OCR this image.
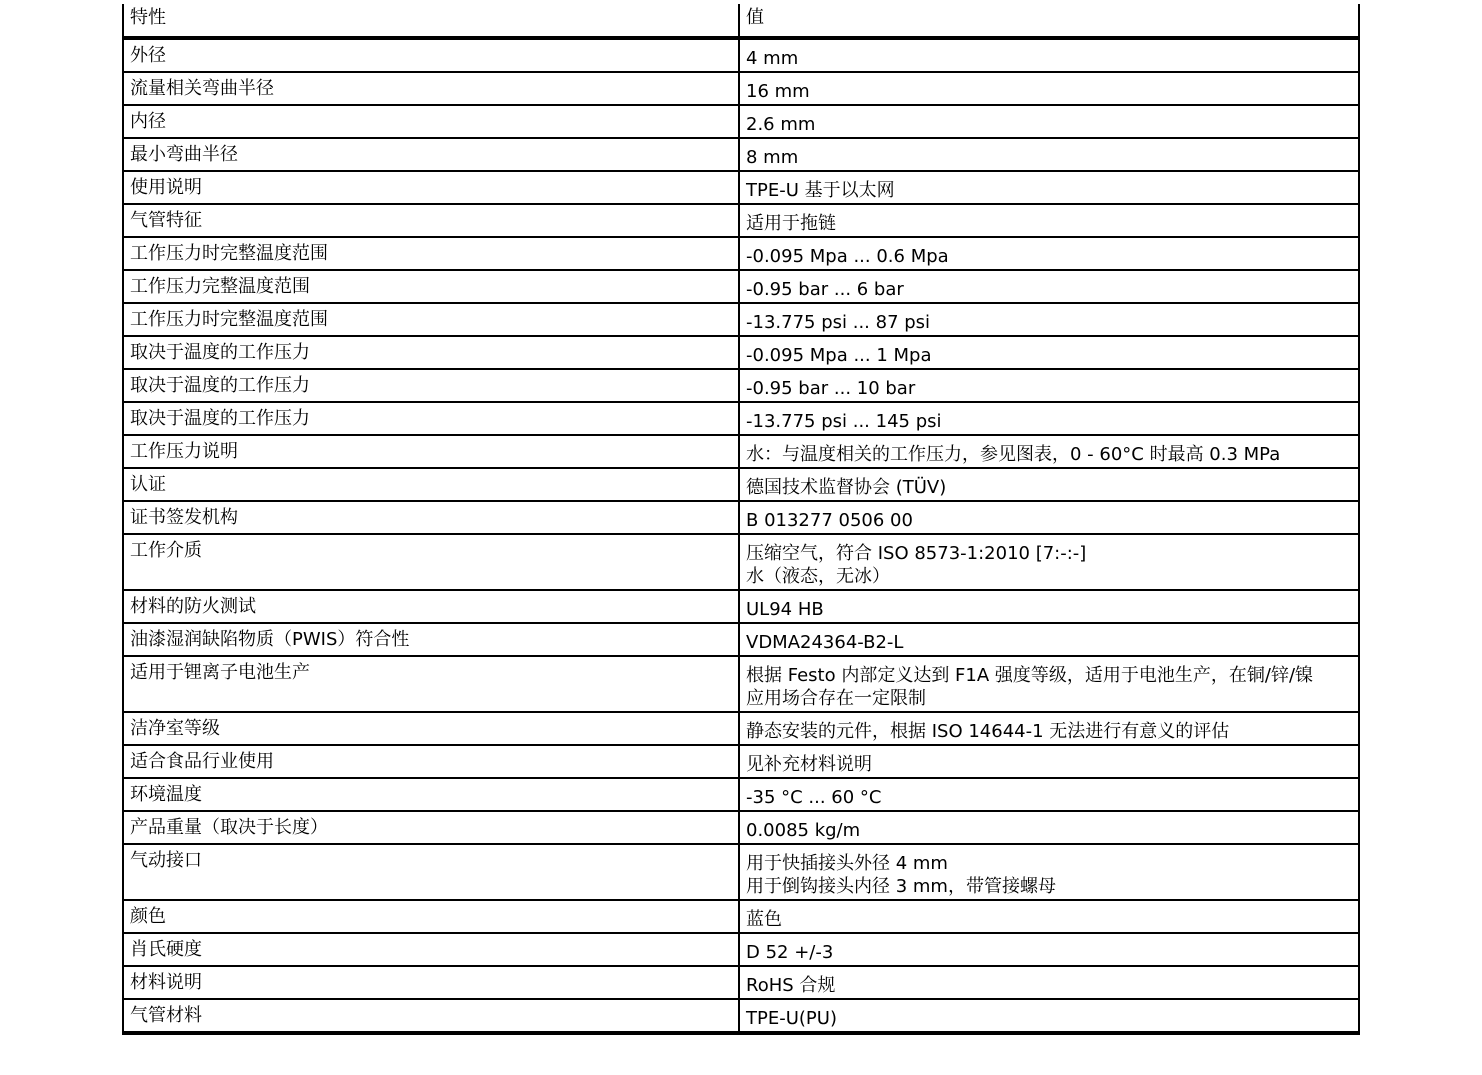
特性	值
外径	4 mm

流量相关弯曲半径	16 mm

内径	2.6 mm

最小弯曲半径	8 mm

使用说明	TPE-U 基于以太网

气管特征	适用于拖链

工作压力时完整温度范围	-0.095 Mpa ... 0.6 Mpa

工作压力完整温度范围	-0.95 bar ... 6 bar

工作压力时完整温度范围	-13.775 psi ... 87 psi

取决于温度的工作压力	-0.095 Mpa ... 1 Mpa

取决于温度的工作压力	-0.95 bar ... 10 bar

取决于温度的工作压力	-13.775 psi ... 145 psi

工作压力说明	水：与温度相关的工作压力，参见图表，0 - 60°C 时最高 0.3 MPa

认证	德国技术监督协会 (TÜV)

证书签发机构	B 013277 0506 00

工作介质	压缩空气，符合 ISO 8573-1:2010 [7:-:-]
水（液态，无冰）

材料的防火测试	UL94 HB

油漆湿润缺陷物质（PWIS）符合性	VDMA24364-B2-L

适用于锂离子电池生产	根据 Festo 内部定义达到 F1A 强度等级，适用于电池生产，在铜/锌/镍
应用场合存在一定限制

洁净室等级	静态安装的元件，根据 ISO 14644-1 无法进行有意义的评估

适合食品行业使用	见补充材料说明

环境温度	-35 °C ... 60 °C

产品重量（取决于长度）	0.0085 kg/m

气动接口	用于快插接头外径 4 mm
用于倒钩接头内径 3 mm，带管接螺母

颜色	蓝色

肖氏硬度	D 52 +/-3

材料说明	RoHS 合规

气管材料	TPE-U(PU)
